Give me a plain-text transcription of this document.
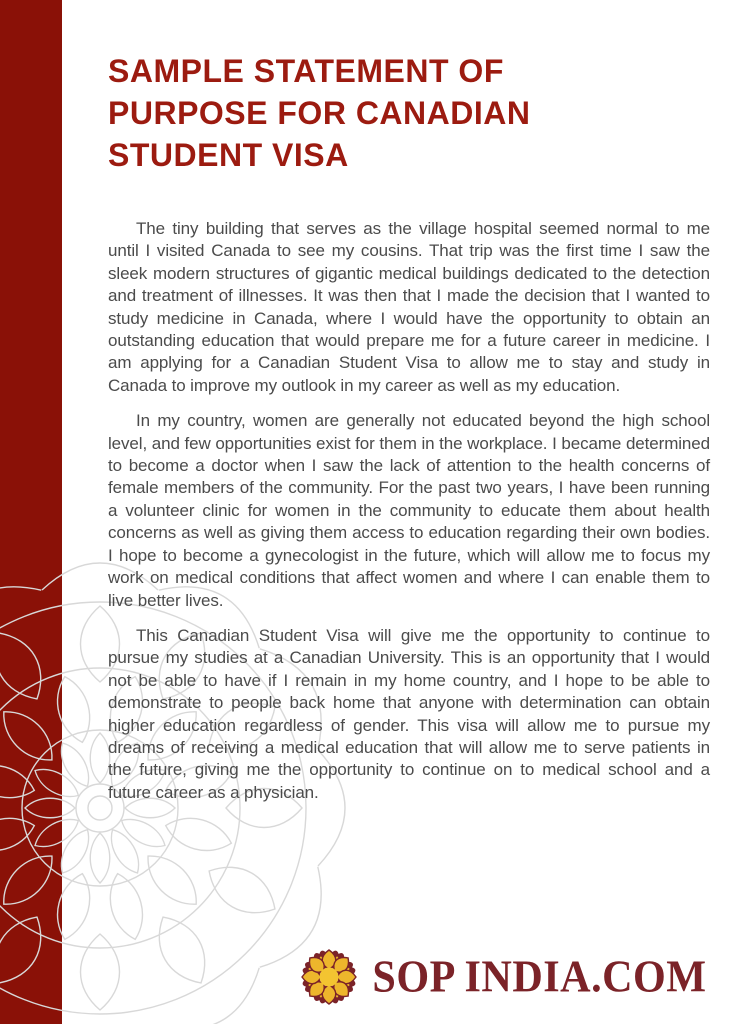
SAMPLE STATEMENT OF
PURPOSE FOR CANADIAN
STUDENT VISA

The tiny building that serves as the village hospital seemed normal to me until I visited Canada to see my cousins. That trip was the first time I saw the sleek modern structures of gigantic medical buildings dedicated to the detection and treatment of illnesses. It was then that I made the decision that I wanted to study medicine in Canada, where I would have the opportunity to obtain an outstanding education that would prepare me for a future career in medicine. I am applying for a Canadian Student Visa to allow me to stay and study in Canada to improve my outlook in my career as well as my education.

In my country, women are generally not educated beyond the high school level, and few opportunities exist for them in the workplace. I became determined to become a doctor when I saw the lack of attention to the health concerns of female members of the community. For the past two years, I have been running a volunteer clinic for women in the community to educate them about health concerns as well as giving them access to education regarding their own bodies. I hope to become a gynecologist in the future, which will allow me to focus my work on medical conditions that affect women and where I can enable them to live better lives.

This Canadian Student Visa will give me the opportunity to continue to pursue my studies at a Canadian University. This is an opportunity that I would not be able to have if I remain in my home country, and I hope to be able to demonstrate to people back home that anyone with determination can obtain higher education regardless of gender. This visa will allow me to pursue my dreams of receiving a medical education that will allow me to serve patients in the future, giving me the opportunity to continue on to medical school and a future career as a physician.

SOP INDIA.COM
